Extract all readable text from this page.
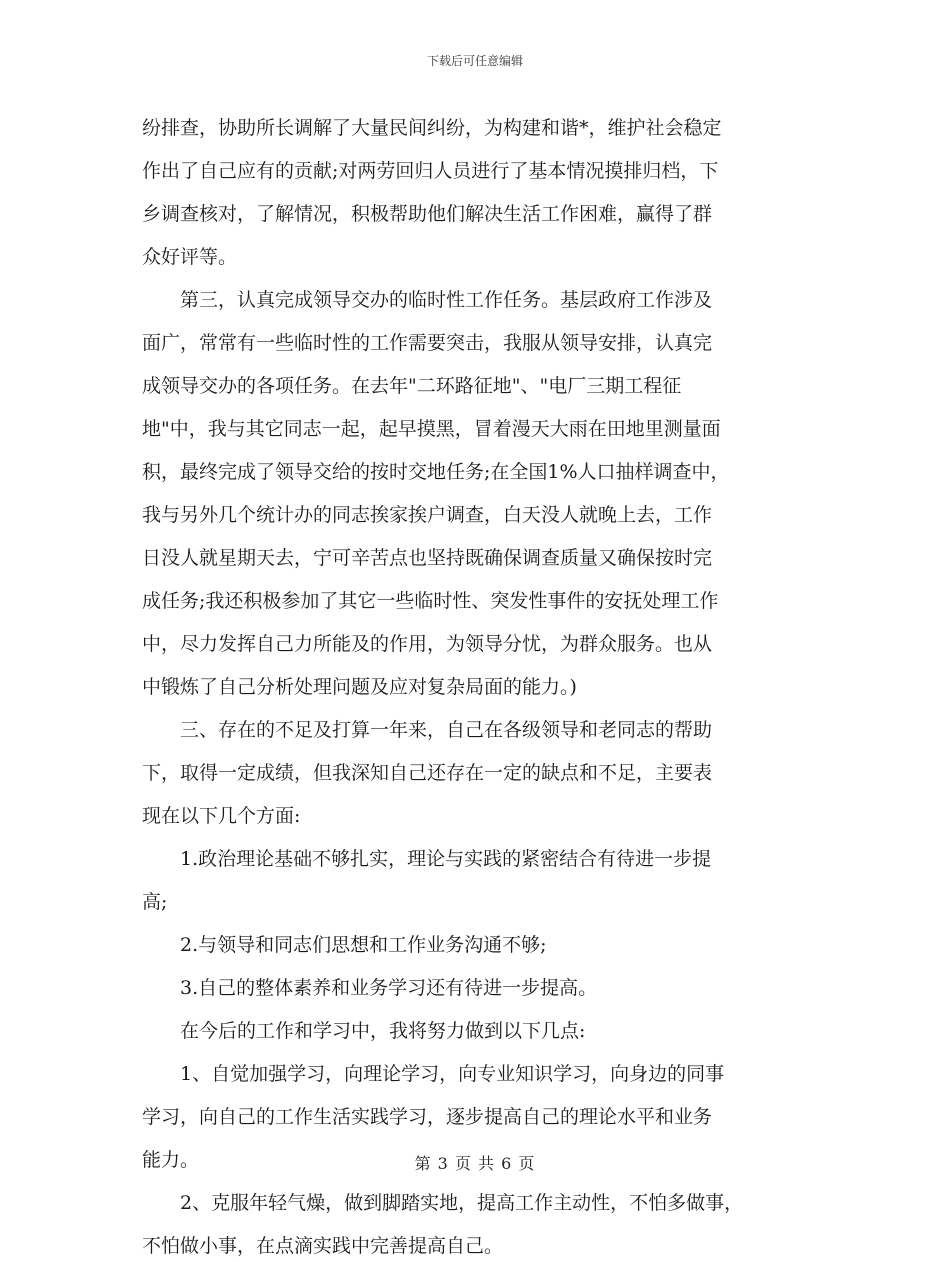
下载后可任意编辑
纷排查，协助所长调解了大量民间纠纷，为构建和谐*，维护社会稳定
作出了自己应有的贡献;对两劳回归人员进行了基本情况摸排归档，下
乡调查核对，了解情况，积极帮助他们解决生活工作困难，赢得了群
众好评等。
　　第三，认真完成领导交办的临时性工作任务。基层政府工作涉及
面广，常常有一些临时性的工作需要突击，我服从领导安排，认真完
成领导交办的各项任务。在去年"二环路征地"、"电厂三期工程征
地"中，我与其它同志一起，起早摸黑，冒着漫天大雨在田地里测量面
积，最终完成了领导交给的按时交地任务;在全国1%人口抽样调查中，
我与另外几个统计办的同志挨家挨户调查，白天没人就晚上去，工作
日没人就星期天去，宁可辛苦点也坚持既确保调查质量又确保按时完
成任务;我还积极参加了其它一些临时性、突发性事件的安抚处理工作
中，尽力发挥自己力所能及的作用，为领导分忧，为群众服务。也从
中锻炼了自己分析处理问题及应对复杂局面的能力。)
　　三、存在的不足及打算一年来，自己在各级领导和老同志的帮助
下，取得一定成绩，但我深知自己还存在一定的缺点和不足，主要表
现在以下几个方面:
　　1.政治理论基础不够扎实，理论与实践的紧密结合有待进一步提
高;
　　2.与领导和同志们思想和工作业务沟通不够;
　　3.自己的整体素养和业务学习还有待进一步提高。
　　在今后的工作和学习中，我将努力做到以下几点:
　　1、自觉加强学习，向理论学习，向专业知识学习，向身边的同事
学习，向自己的工作生活实践学习，逐步提高自己的理论水平和业务
能力。
　　2、克服年轻气燥，做到脚踏实地，提高工作主动性，不怕多做事，
不怕做小事，在点滴实践中完善提高自己。
第 3 页 共 6 页
